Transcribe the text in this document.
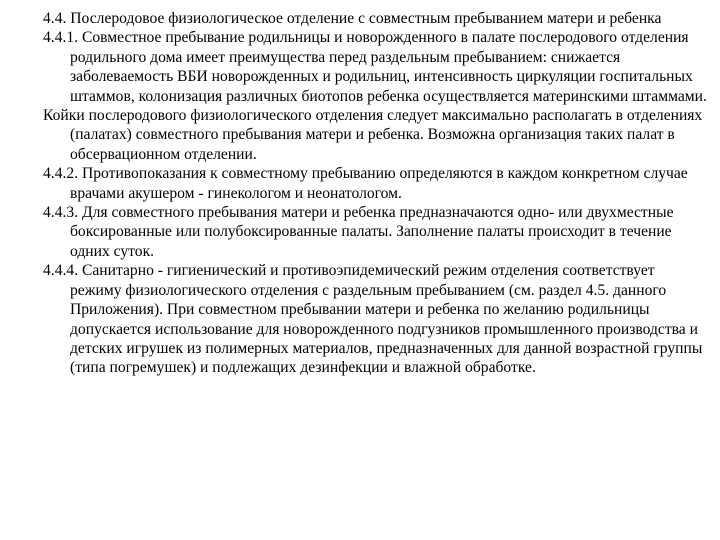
4.4. Послеродовое физиологическое отделение с совместным пребыванием матери и ребенка

4.4.1. Совместное пребывание родильницы и новорожденного в палате послеродового отделения родильного дома имеет преимущества перед раздельным пребыванием: снижается заболеваемость ВБИ новорожденных и родильниц, интенсивность циркуляции госпитальных штаммов, колонизация различных биотопов ребенка осуществляется материнскими штаммами.

Койки послеродового физиологического отделения следует максимально располагать в отделениях (палатах) совместного пребывания матери и ребенка. Возможна организация таких палат в обсервационном отделении.

4.4.2. Противопоказания к совместному пребыванию определяются в каждом конкретном случае врачами акушером - гинекологом и неонатологом.

4.4.3. Для совместного пребывания матери и ребенка предназначаются одно- или двухместные боксированные или полубоксированные палаты. Заполнение палаты происходит в течение одних суток.

4.4.4. Санитарно - гигиенический и противоэпидемический режим отделения соответствует режиму физиологического отделения с раздельным пребыванием (см. раздел 4.5. данного Приложения). При совместном пребывании матери и ребенка по желанию родильницы допускается использование для новорожденного подгузников промышленного производства и детских игрушек из полимерных материалов, предназначенных для данной возрастной группы (типа погремушек) и подлежащих дезинфекции и влажной обработке.
